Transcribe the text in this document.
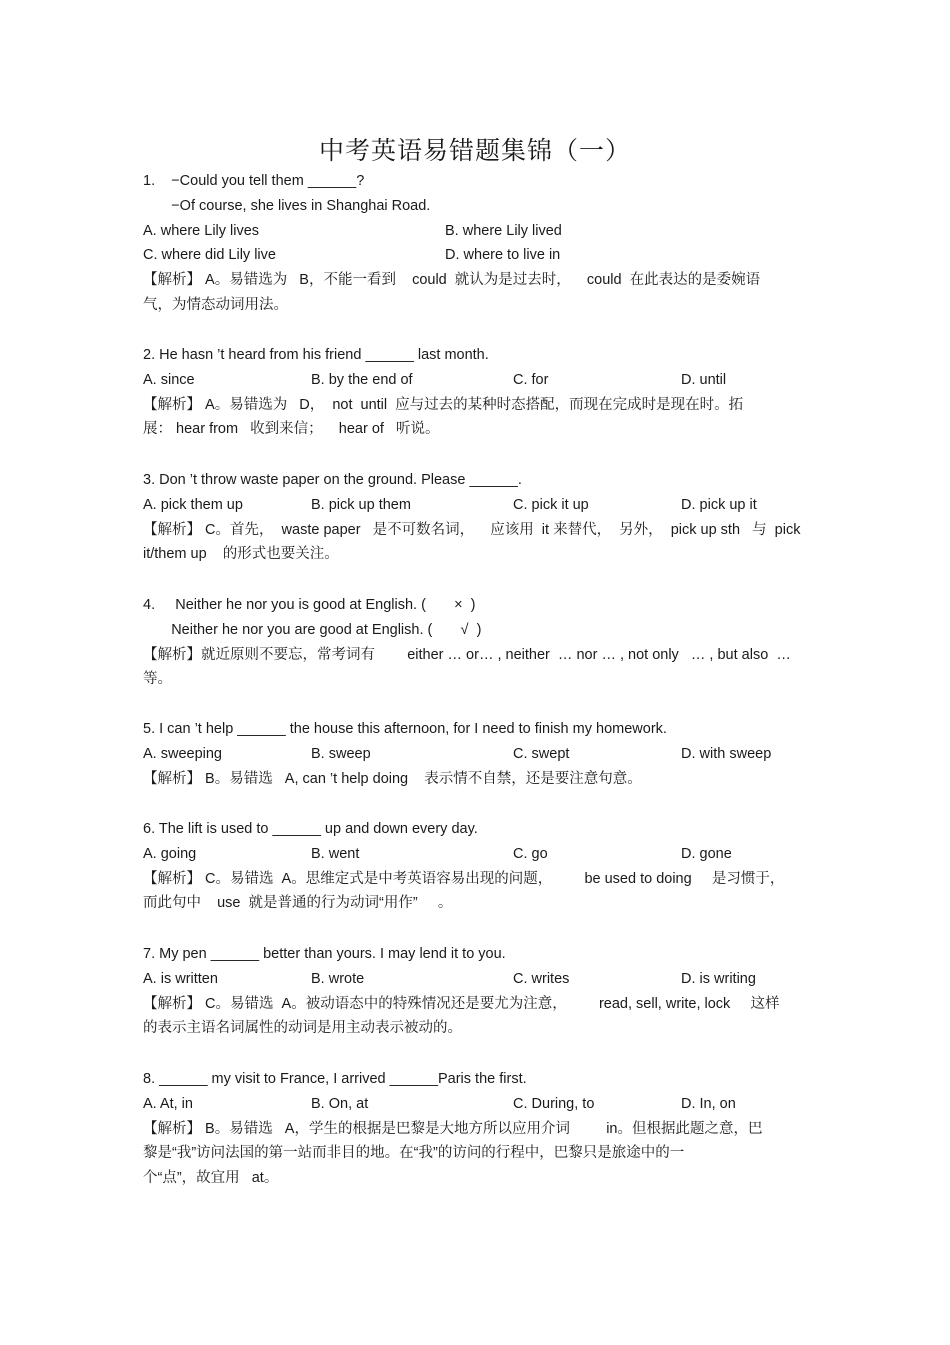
中考英语易错题集锦（一）
1.    −Could you tell them ______?
−Of course, she lives in Shanghai Road.
A. where Lily lives	B. where Lily lived
C. where did Lily live	D. where to live in
【解析】 A。易错选为   B，不能一看到    could  就认为是过去时，    could  在此表达的是委婉语
气，为情态动词用法。
2. He hasn ’t heard from his friend ______ last month.
A. since	B. by the end of	C. for	D. until
【解析】 A。易错选为   D，  not  until  应与过去的某种时态搭配，而现在完成时是现在时。拓
展： hear from   收到来信；    hear of   听说。
3. Don ’t throw waste paper on the ground. Please ______.
A. pick them up	B. pick up them	C. pick it up	D. pick up it
【解析】 C。首先，  waste paper   是不可数名词，    应该用  it 来替代，  另外，  pick up sth   与  pick
it/them up    的形式也要关注。
4.     Neither he nor you is good at English. (       ×  )
Neither he nor you are good at English. (       √  )
【解析】就近原则不要忘，常考词有        either … or… , neither  … nor … , not only   … , but also  …
等。
5. I can ’t help ______ the house this afternoon, for I need to finish my homework.
A. sweeping	B. sweep	C. swept	D. with sweep
【解析】 B。易错选   A, can ’t help doing    表示情不自禁，还是要注意句意。
6. The lift is used to ______ up and down every day.
A. going	B. went	C. go	D. gone
【解析】 C。易错选  A。思维定式是中考英语容易出现的问题，        be used to doing     是习惯于，
而此句中    use  就是普通的行为动词“用作”     。
7. My pen ______ better than yours. I may lend it to you.
A. is written	B. wrote	C. writes	D. is writing
【解析】 C。易错选  A。被动语态中的特殊情况还是要尤为注意，        read, sell, write, lock     这样
的表示主语名词属性的动词是用主动表示被动的。
8. ______ my visit to France, I arrived ______Paris the first.
A. At, in	B. On, at	C. During, to	D. In, on
【解析】 B。易错选   A，学生的根据是巴黎是大地方所以应用介词         in。但根据此题之意，巴
黎是“我”访问法国的第一站而非目的地。在“我”的访问的行程中，巴黎只是旅途中的一
个“点”，故宜用   at。
